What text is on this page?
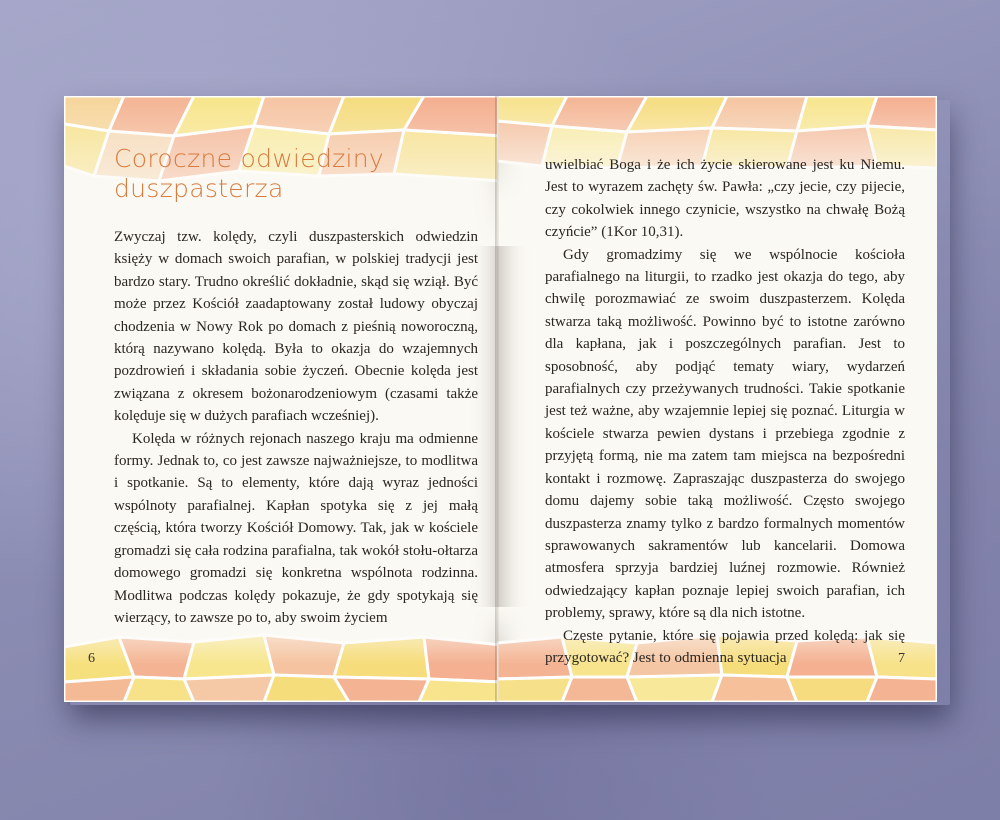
Coroczne odwiedziny
duszpasterza

Zwyczaj tzw. kolędy, czyli duszpasterskich odwiedzin księży w domach swoich parafian, w polskiej tradycji jest bardzo stary. Trudno określić dokładnie, skąd się wziął. Być może przez Kościół zaadaptowany został ludowy obyczaj chodzenia w Nowy Rok po domach z pieśnią noworoczną, którą nazywano kolędą. Była to okazja do wzajemnych pozdrowień i składania sobie życzeń. Obecnie kolęda jest związana z okresem bożonarodzeniowym (czasami także kolęduje się w dużych parafiach wcześniej).

Kolęda w różnych rejonach naszego kraju ma odmienne formy. Jednak to, co jest zawsze najważniejsze, to modlitwa i spotkanie. Są to elementy, które dają wyraz jedności wspólnoty parafialnej. Kapłan spotyka się z jej małą częścią, która tworzy Kościół Domowy. Tak, jak w kościele gromadzi się cała rodzina parafialna, tak wokół stołu-ołtarza domowego gromadzi się konkretna wspólnota rodzinna. Modlitwa podczas kolędy pokazuje, że gdy spotykają się wierzący, to zawsze po to, aby swoim życiem

6

uwielbiać Boga i że ich życie skierowane jest ku Niemu. Jest to wyrazem zachęty św. Pawła: „czy jecie, czy pijecie, czy cokolwiek innego czynicie, wszystko na chwałę Bożą czyńcie” (1Kor 10,31).

Gdy gromadzimy się we wspólnocie kościoła parafialnego na liturgii, to rzadko jest okazja do tego, aby chwilę porozmawiać ze swoim duszpasterzem. Kolęda stwarza taką możliwość. Powinno być to istotne zarówno dla kapłana, jak i poszczególnych parafian. Jest to sposobność, aby podjąć tematy wiary, wydarzeń parafialnych czy przeżywanych trudności. Takie spotkanie jest też ważne, aby wzajemnie lepiej się poznać. Liturgia w kościele stwarza pewien dystans i przebiega zgodnie z przyjętą formą, nie ma zatem tam miejsca na bezpośredni kontakt i rozmowę. Zapraszając duszpasterza do swojego domu dajemy sobie taką możliwość. Często swojego duszpasterza znamy tylko z bardzo formalnych momentów sprawowanych sakramentów lub kancelarii. Domowa atmosfera sprzyja bardziej luźnej rozmowie. Również odwiedzający kapłan poznaje lepiej swoich parafian, ich problemy, sprawy, które są dla nich istotne.

Częste pytanie, które się pojawia przed kolędą: jak się przygotować? Jest to odmienna sytuacja	7
